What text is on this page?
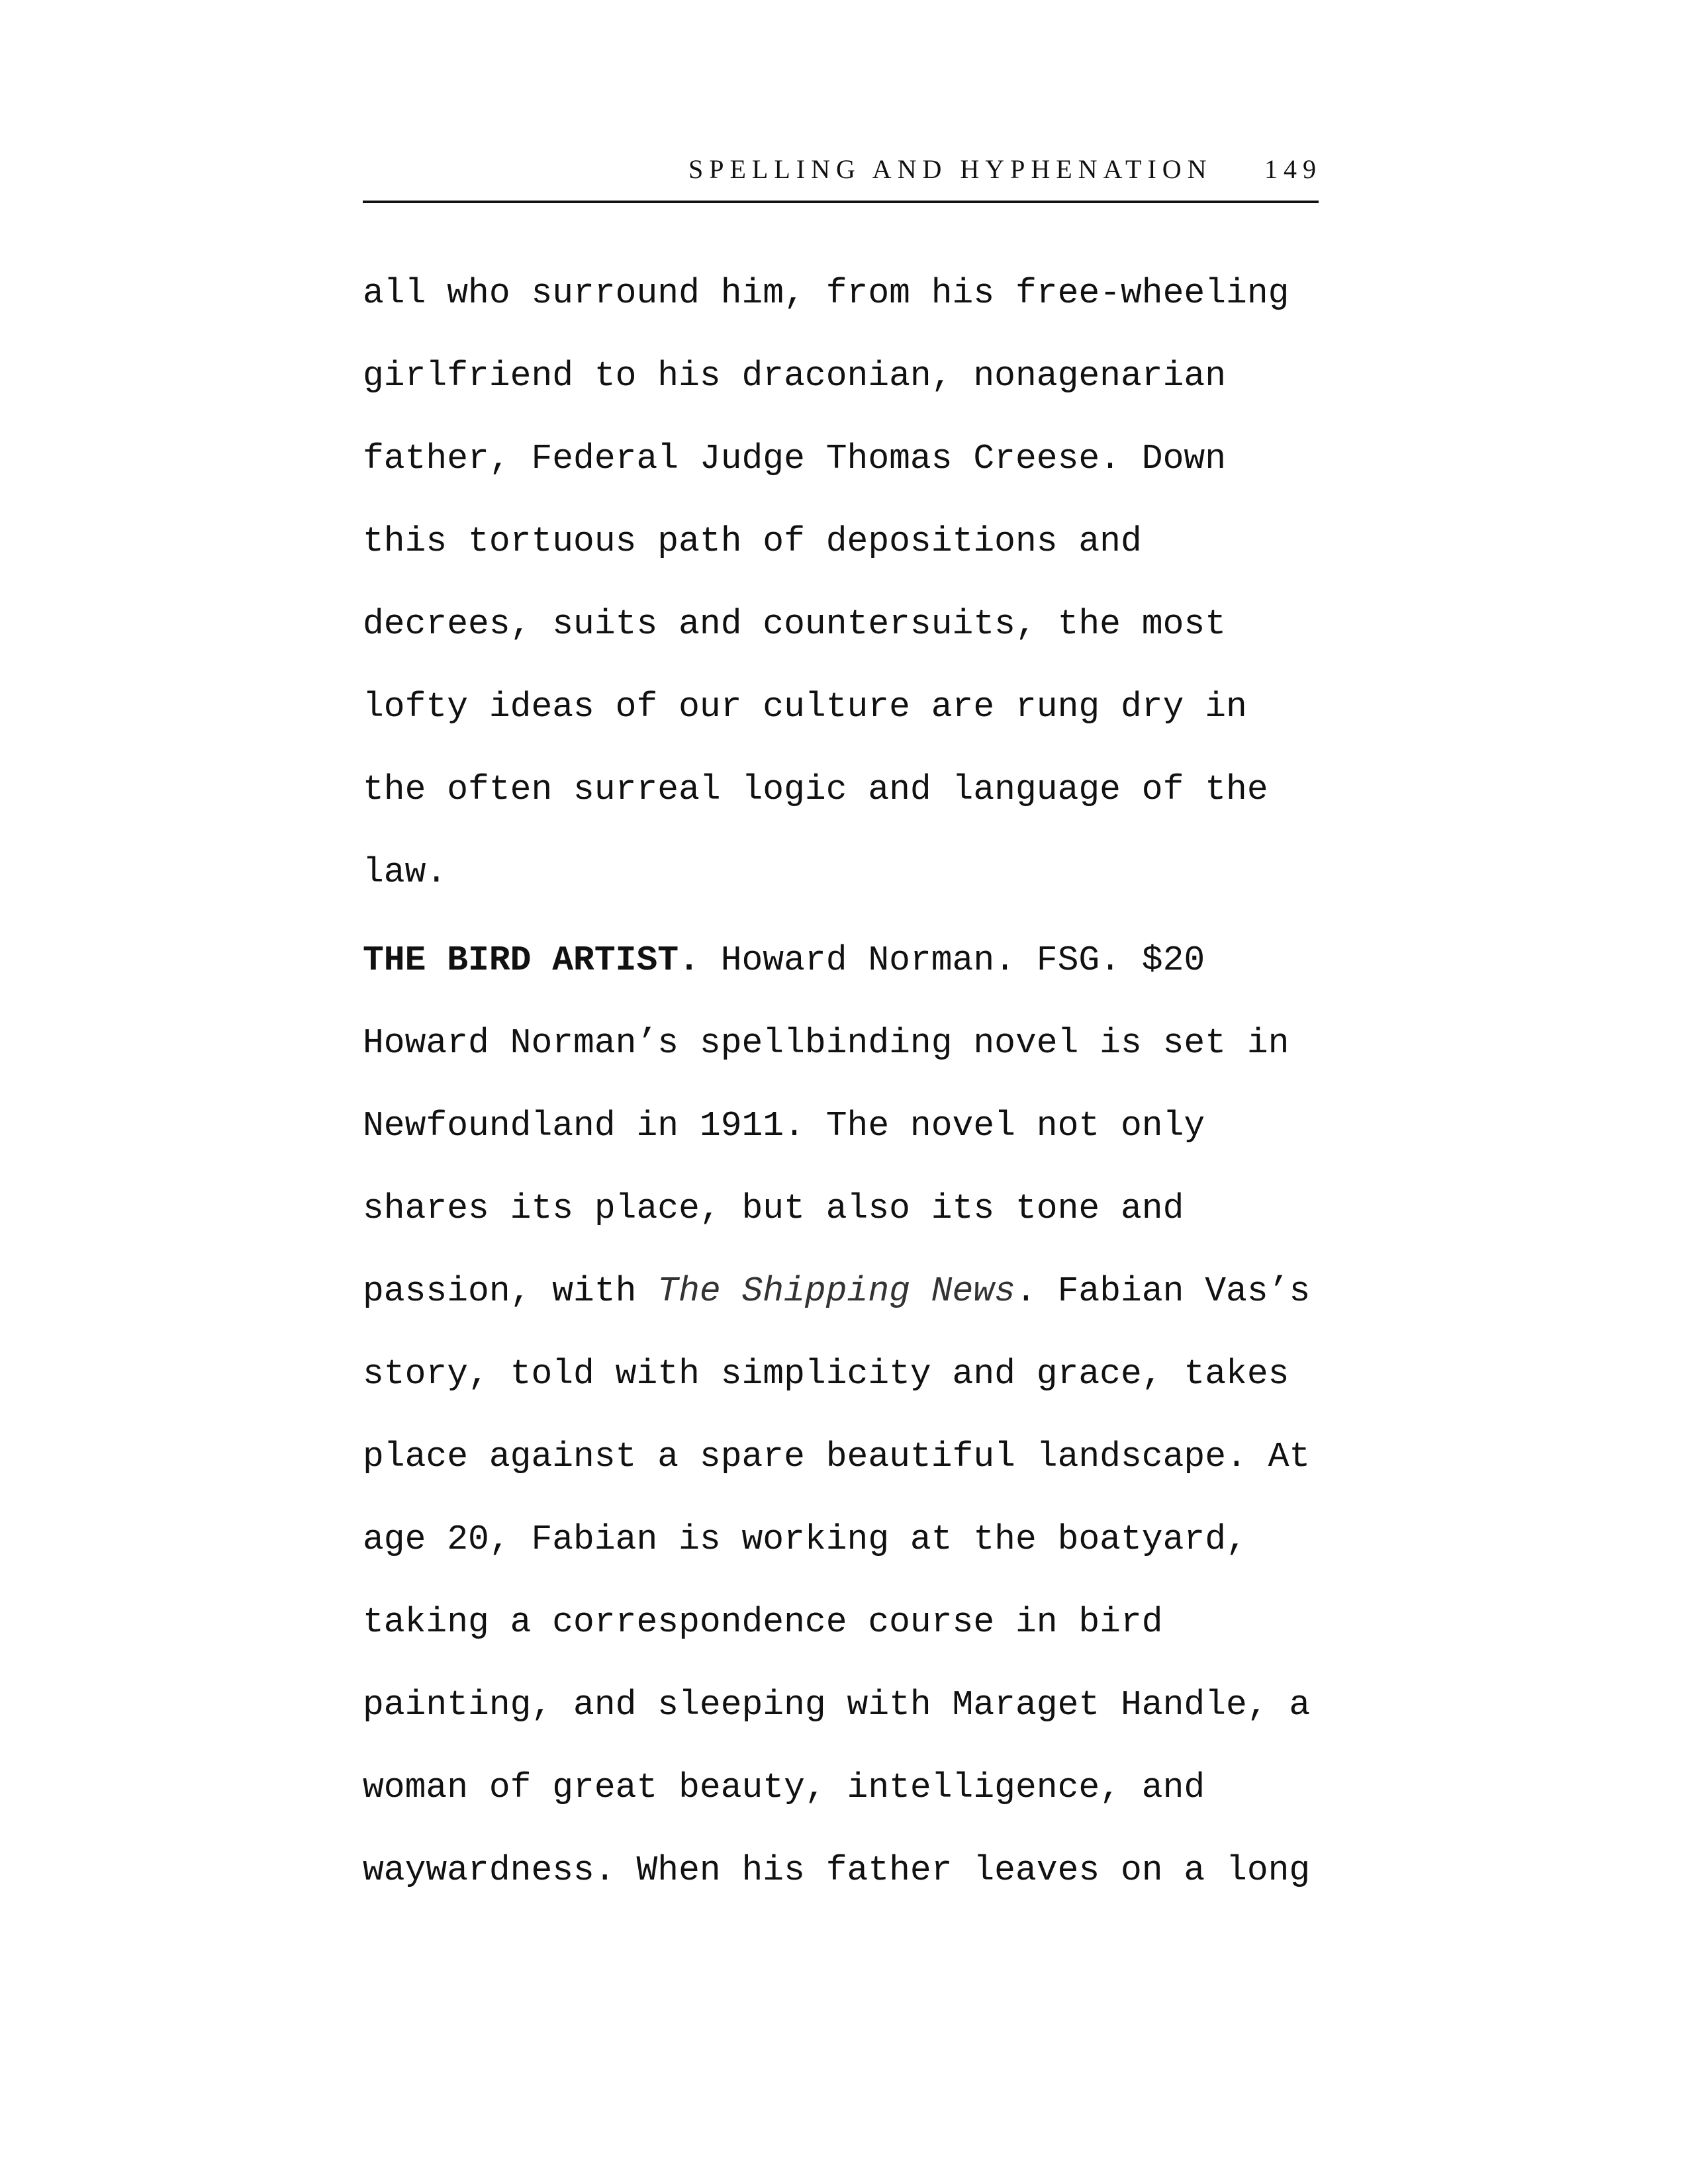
SPELLING AND HYPHENATION 149
all who surround him, from his free-wheeling
girlfriend to his draconian, nonagenarian
father, Federal Judge Thomas Creese. Down
this tortuous path of depositions and
decrees, suits and countersuits, the most
lofty ideas of our culture are rung dry in
the often surreal logic and language of the
law.
THE BIRD ARTIST. Howard Norman. FSG. $20
Howard Norman’s spellbinding novel is set in
Newfoundland in 1911. The novel not only
shares its place, but also its tone and
passion, with The Shipping News. Fabian Vas’s
story, told with simplicity and grace, takes
place against a spare beautiful landscape. At
age 20, Fabian is working at the boatyard,
taking a correspondence course in bird
painting, and sleeping with Maraget Handle, a
woman of great beauty, intelligence, and
waywardness. When his father leaves on a long
